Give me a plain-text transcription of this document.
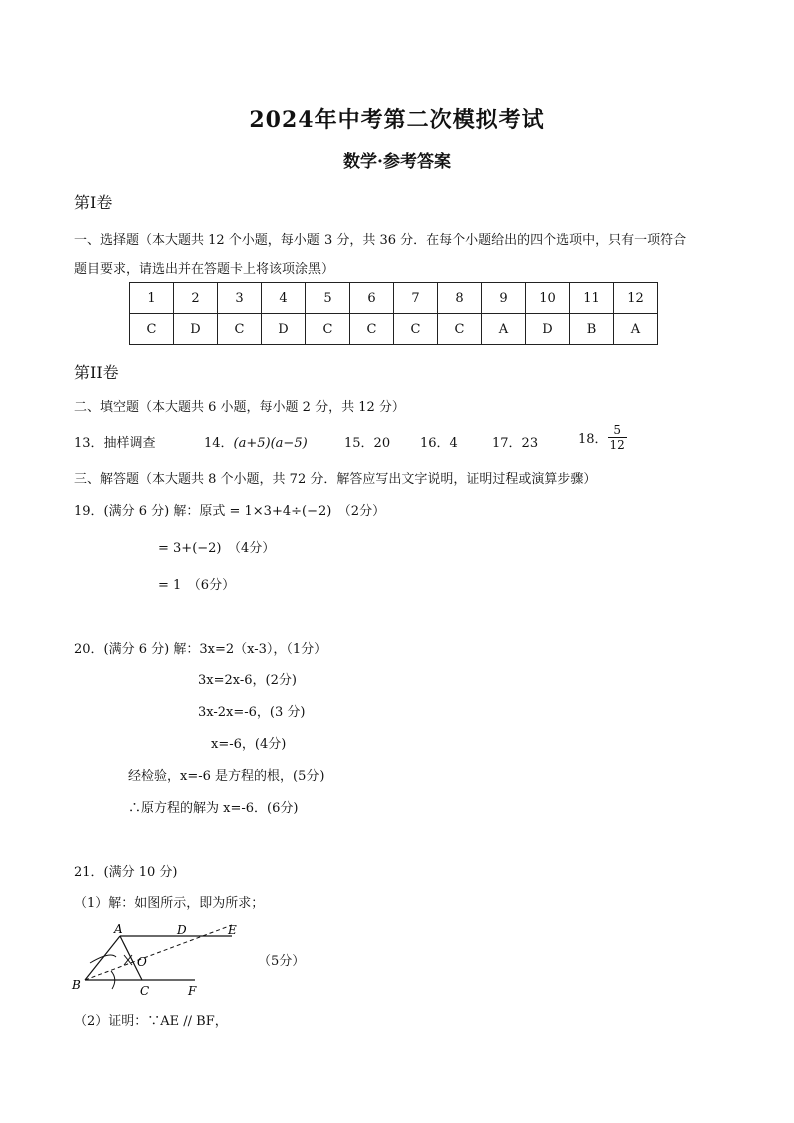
2024年中考第二次模拟考试
数学·参考答案
第Ⅰ卷
一、选择题（本大题共 12 个小题，每小题 3 分，共 36 分．在每个小题给出的四个选项中，只有一项符合
题目要求，请选出并在答题卡上将该项涂黑）
1	2	3	4	5	6	7	8	9	10	11	12
C	D	C	D	C	C	C	C	A	D	B	A
第II卷
二、填空题（本大题共 6 小题，每小题 2 分，共 12 分）
13．抽样调查	14．(a+5)(a−5)	15．20 16．4	17．23	18． $\frac{5}{12}$
三、解答题（本大题共 8 个小题，共 72 分．解答应写出文字说明，证明过程或演算步骤）
19．(满分 6 分) 解：原式 = 1×3+4÷(−2)　（2分）
= 3+(−2)　（4分）
= 1　（6分）
20．(满分 6 分) 解：3x=2（x-3），（1分）
3x=2x-6，(2分)
3x-2x=-6，(3 分)
x=-6，(4分)
经检验，x=-6 是方程的根，(5分)
∴原方程的解为 x=-6．(6分)
21．(满分 10 分)
（1）解：如图所示，即为所求；
A
B	C
D	E
F
O	（5分）
（2）证明：∵AE // BF，
